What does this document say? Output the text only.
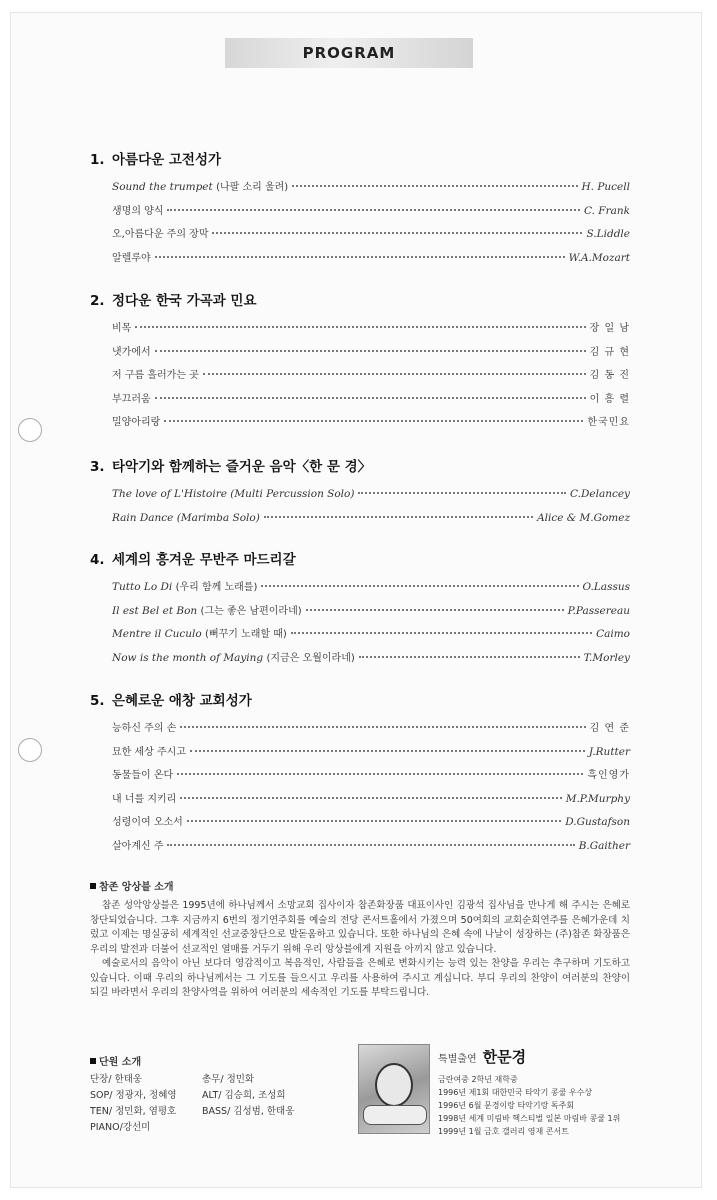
PROGRAM
1. 아름다운 고전성가
Sound the trumpet (나팔 소리 울려)	H. Pucell
생명의 양식	C. Frank
오,아름다운 주의 장막	S.Liddle
알렐루야	W.A.Mozart
2. 정다운 한국 가곡과 민요
비목	장 일 남
냇가에서	김 규 현
저 구름 흘러가는 곳	김 동 진
부끄러움	이 흥 렬
밀양아리랑	한국민요
3. 타악기와 함께하는 즐거운 음악〈한 문 경〉
The love of L'Histoire (Multi Percussion Solo)	C.Delancey
Rain Dance (Marimba Solo)	Alice & M.Gomez
4. 세계의 흥겨운 무반주 마드리갈
Tutto Lo Di (우리 함께 노래를)	O.Lassus
Il est Bel et Bon (그는 좋은 남편이라네)	P.Passereau
Mentre il Cuculo (뻐꾸기 노래할 때)	Caimo
Now is the month of Maying (지금은 오월이라네)	T.Morley
5. 은혜로운 애창 교회성가
능하신 주의 손	김 연 준
묘한 세상 주시고	J.Rutter
동물들이 온다	흑인영가
내 너를 지키리	M.P.Murphy
성령이여 오소서	D.Gustafson
살아계신 주	B.Gaither
참존 앙상블 소개

참존 성악앙상블은 1995년에 하나님께서 소망교회 집사이자 참존화장품 대표이사인 김광석 집사님을 만나게 해 주시는 은혜로 창단되었습니다. 그후 지금까지 6번의 정기연주회를 예술의 전당 콘서트홀에서 가졌으며 50여회의 교회순회연주를 은혜가운데 치렀고 이제는 명실공히 세계적인 선교중창단으로 발돋움하고 있습니다. 또한 하나님의 은혜 속에 나날이 성장하는 (주)참존 화장품은 우리의 발전과 더불어 선교적인 열매를 거두기 위해 우리 앙상블에게 지원을 아끼지 않고 있습니다.

예술로서의 음악이 아닌 보다더 영감적이고 복음적인, 사람들을 은혜로 변화시키는 능력 있는 찬양을 우리는 추구하며 기도하고 있습니다. 이때 우리의 하나님께서는 그 기도를 들으시고 우리를 사용하여 주시고 계십니다. 부디 우리의 찬양이 여러분의 찬양이 되길 바라면서 우리의 찬양사역을 위하여 여러분의 세속적인 기도를 부탁드립니다.

단원 소개
단장/ 한태웅	총무/ 정민화
SOP/ 정광자, 정혜영	ALT/ 김승희, 조성희
TEN/ 정민화, 염평호	BASS/ 김성범, 한태웅
PIANO/강선미
특별출연 한문경
금란여중 2학년 재학중
1996년 제1회 대한민국 타악기 콩쿨 우수상
1996년 6월 문경이랑 타악기랑 독주회
1998년 세계 미림바 헥스티벌 일본 마림바 콩쿨 1위
1999년 1월 금호 갤러리 영재 콘서트
